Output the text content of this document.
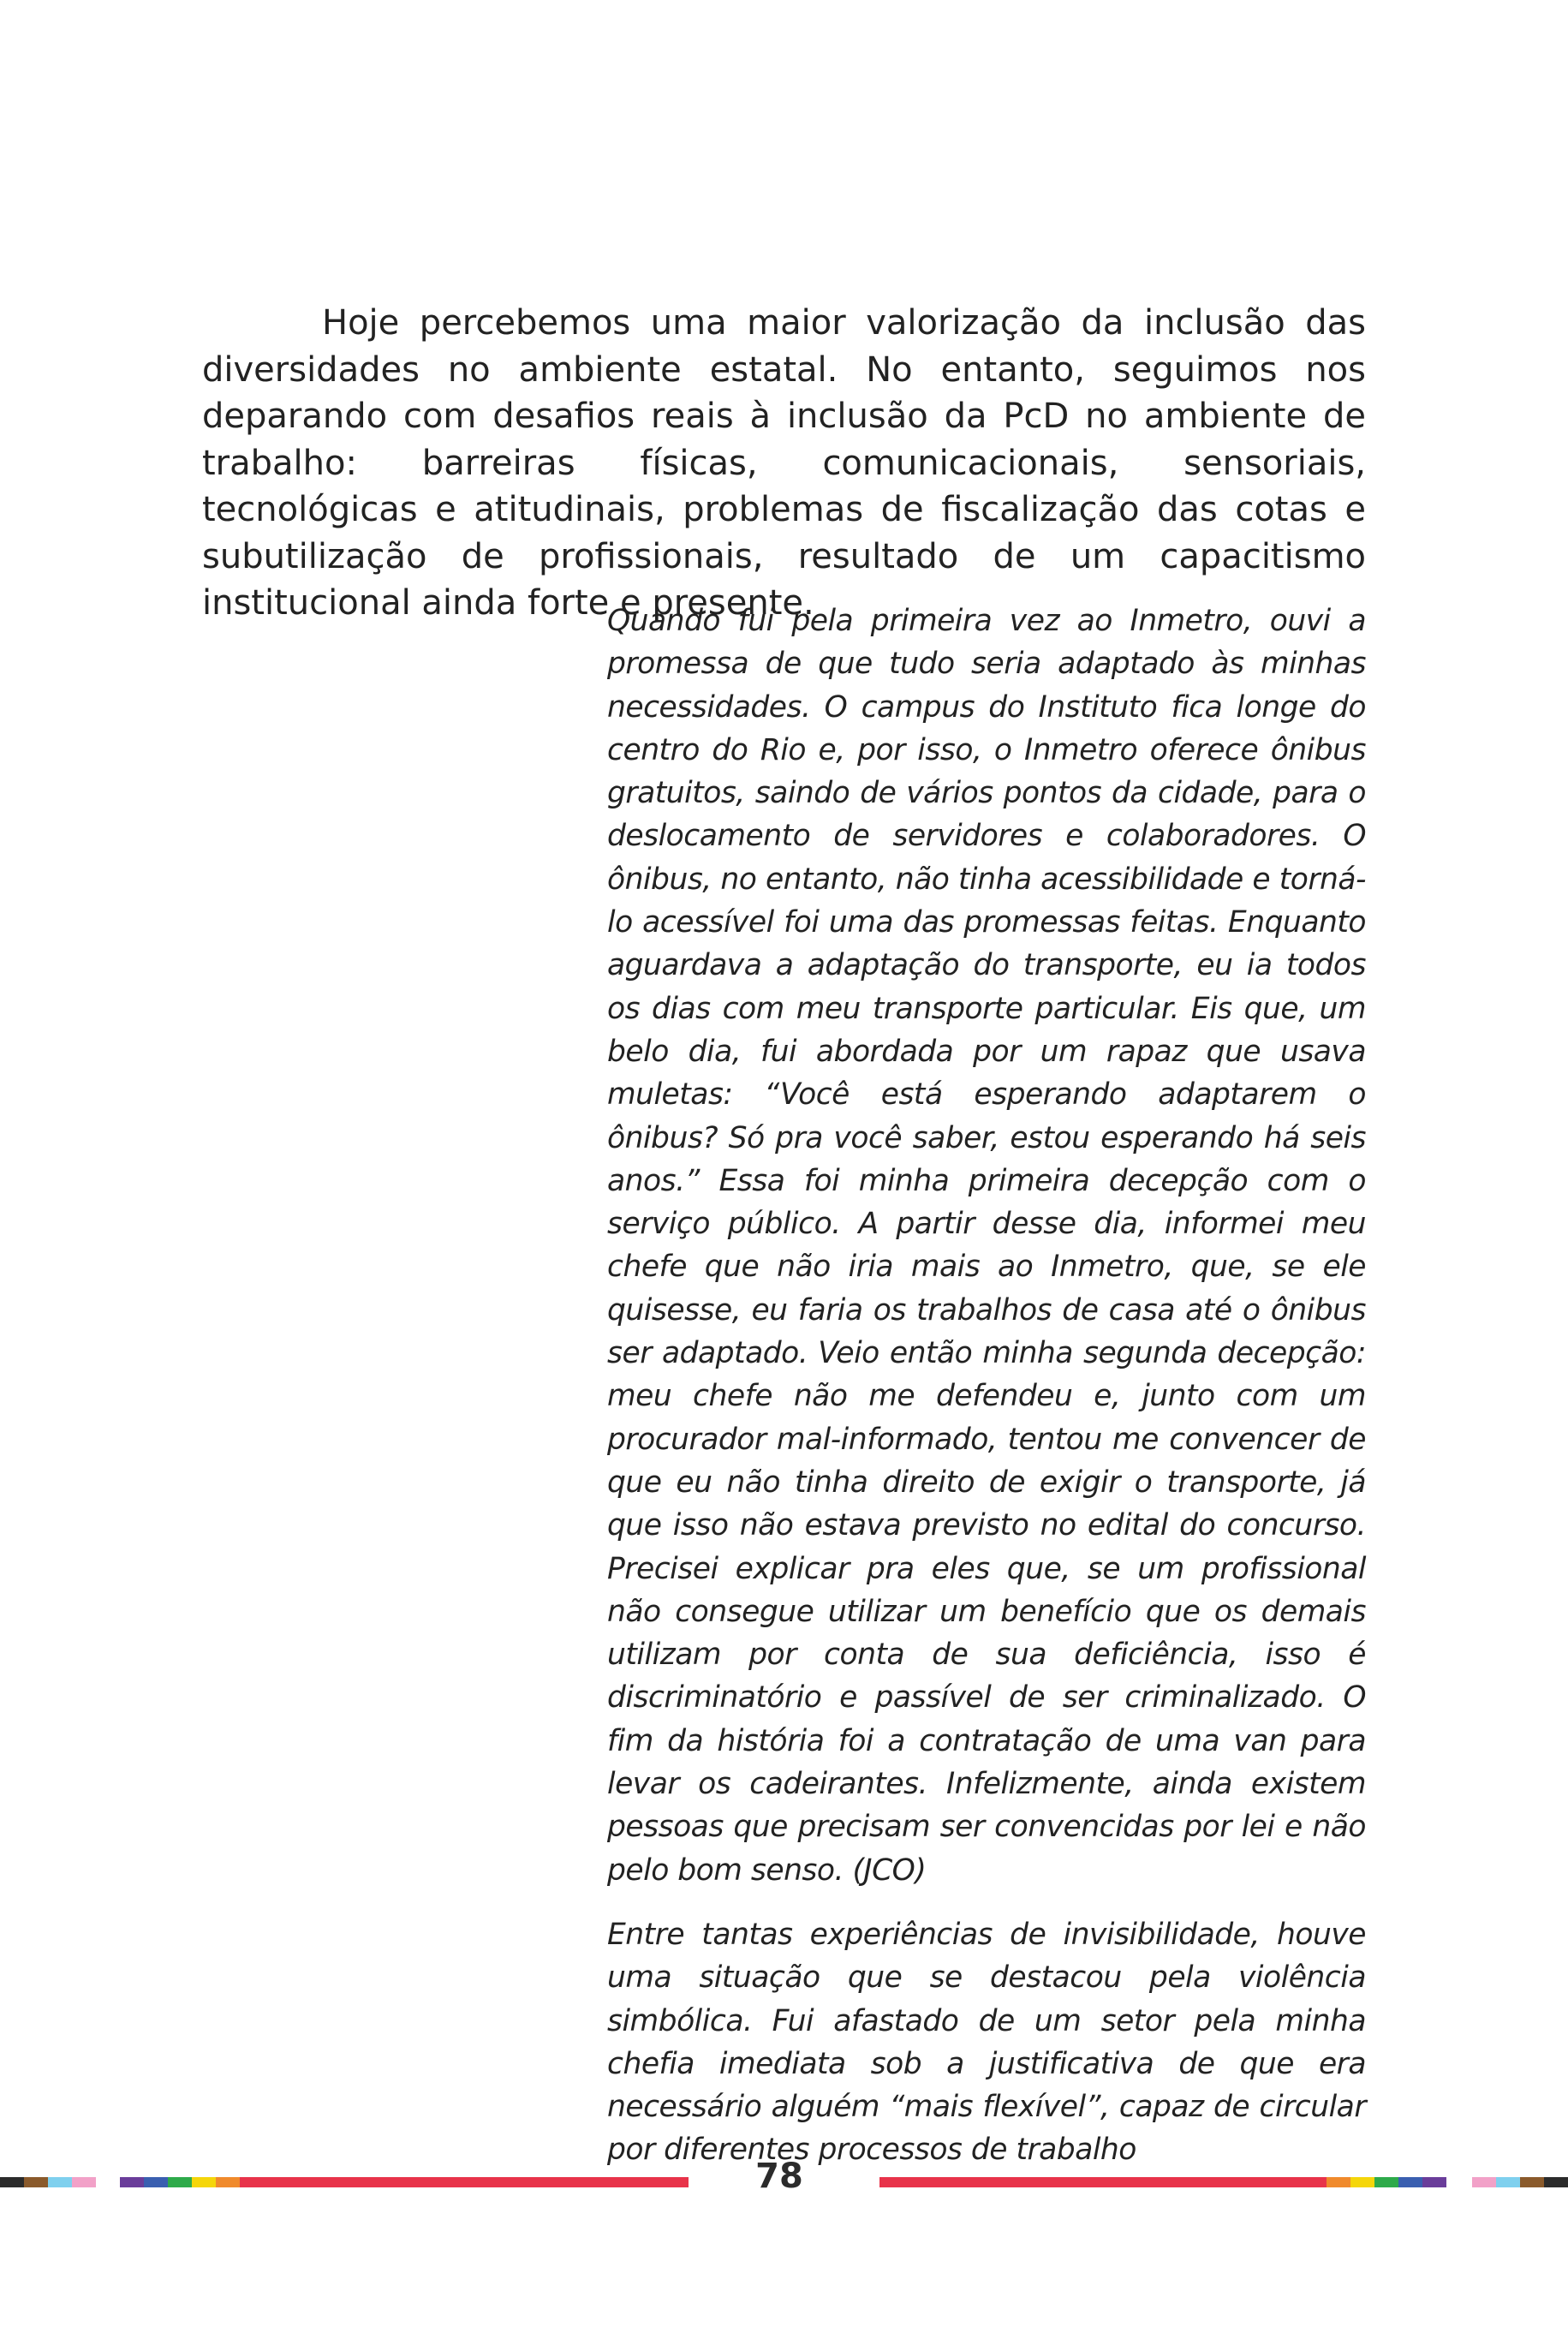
Hoje percebemos uma maior valorização da inclusão das diversidades no ambiente estatal. No entanto, seguimos nos deparando com desafios reais à inclusão da PcD no ambiente de trabalho: barreiras físicas, comunicacionais, sensoriais, tecnológicas e atitudinais, problemas de fiscalização das cotas e subutilização de profissionais, resultado de um capacitismo institucional ainda forte e presente.

Quando fui pela primeira vez ao Inmetro, ouvi a promessa de que tudo seria adaptado às minhas necessidades. O campus do Instituto fica longe do centro do Rio e, por isso, o Inmetro oferece ônibus gratuitos, saindo de vários pontos da cidade, para o deslocamento de servidores e colaboradores. O ônibus, no entanto, não tinha acessibilidade e torná-lo acessível foi uma das promessas feitas. Enquanto aguardava a adaptação do transporte, eu ia todos os dias com meu transporte particular. Eis que, um belo dia, fui abordada por um rapaz que usava muletas: “Você está esperando adaptarem o ônibus? Só pra você saber, estou esperando há seis anos.” Essa foi minha primeira decepção com o serviço público. A partir desse dia, informei meu chefe que não iria mais ao Inmetro, que, se ele quisesse, eu faria os trabalhos de casa até o ônibus ser adaptado. Veio então minha segunda decepção: meu chefe não me defendeu e, junto com um procurador mal-informado, tentou me convencer de que eu não tinha direito de exigir o transporte, já que isso não estava previsto no edital do concurso. Precisei explicar pra eles que, se um profissional não consegue utilizar um benefício que os demais utilizam por conta de sua deficiência, isso é discriminatório e passível de ser criminalizado. O fim da história foi a contratação de uma van para levar os cadeirantes. Infelizmente, ainda existem pessoas que precisam ser convencidas por lei e não pelo bom senso. (JCO)

Entre tantas experiências de invisibilidade, houve uma situação que se destacou pela violência simbólica. Fui afastado de um setor pela minha chefia imediata sob a justificativa de que era necessário alguém “mais flexível”, capaz de circular por diferentes processos de trabalho

78
